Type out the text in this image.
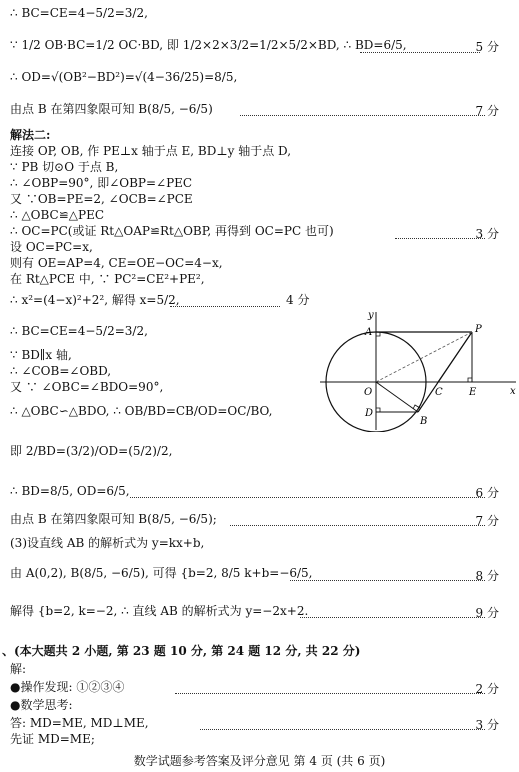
∴ BC=CE=4−5/2=3/2,
∵ 1/2 OB·BC=1/2 OC·BD, 即 1/2×2×3/2=1/2×5/2×BD, ∴ BD=6/5,	5 分
∴ OD=√(OB²−BD²)=√(4−36/25)=8/5,
由点 B 在第四象限可知 B(8/5, −6/5)	7 分
解法二:
连接 OP, OB, 作 PE⊥x 轴于点 E, BD⊥y 轴于点 D,
∵ PB 切⊙O 于点 B,
∴ ∠OBP=90°, 即∠OBP=∠PEC
又 ∵OB=PE=2, ∠OCB=∠PCE
∴ △OBC≌△PEC
∴ OC=PC(或证 Rt△OAP≌Rt△OBP, 再得到 OC=PC 也可)	3 分
设 OC=PC=x,
则有 OE=AP=4, CE=OE−OC=4−x,
在 Rt△PCE 中, ∵ PC²=CE²+PE²,
∴ x²=(4−x)²+2², 解得 x=5/2,	4 分
∴ BC=CE=4−5/2=3/2,
∵ BD∥x 轴,
∴ ∠COB=∠OBD,
又 ∵ ∠OBC=∠BDO=90°,
∴ △OBC∽△BDO, ∴ OB/BD=CB/OD=OC/BO,
即 2/BD=(3/2)/OD=(5/2)/2,
∴ BD=8/5, OD=6/5,	6 分
由点 B 在第四象限可知 B(8/5, −6/5);	7 分
(3)设直线 AB 的解析式为 y=kx+b,
由 A(0,2), B(8/5, −6/5), 可得 {b=2, 8/5 k+b=−6/5,	8 分
解得 {b=2, k=−2, ∴ 直线 AB 的解析式为 y=−2x+2.	9 分
、(本大题共 2 小题, 第 23 题 10 分, 第 24 题 12 分, 共 22 分)
解:
●操作发现: ①②③④	2 分
●数学思考:
答: MD=ME, MD⊥ME,	3 分
先证 MD=ME;
y
x
A	P
O	C	E
D
B
数学试题参考答案及评分意见 第 4 页 (共 6 页)
